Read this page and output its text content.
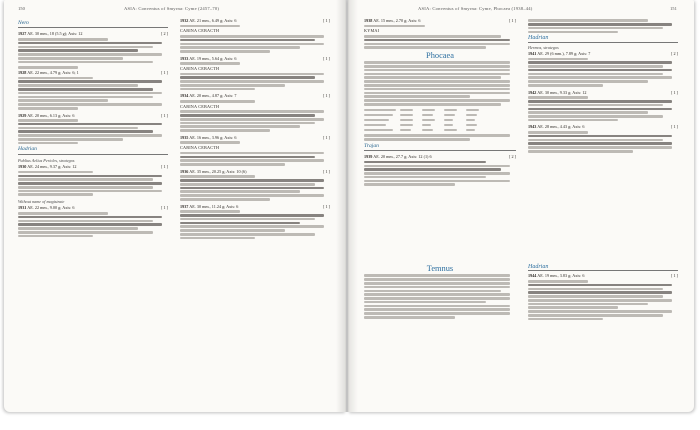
150	ASIA: Conventus of Smyrna: Cyme (2457–70)
Nero
1927 AE. 30 mm., 18 (5.5 g); Axis: 12	[ 2 ]
1928 AE. 22 mm., 4.79 g; Axis: 6; 1	[ 1 ]
1929 AE. 20 mm., 6.13 g; Axis: 6	[ 1 ]
Hadrian
Publius Aelius Pericles, strategos
1930 AE. 24 mm., 9.37 g; Axis: 12	[ 1 ]
Without name of magistrate
1931 AE. 22 mm., 9.00 g; Axis: 6	[ 1 ]
1932 AE. 21 mm., 6.49 g; Axis: 6	[ 1 ]
CABINA CEBACTH
1933 AE. 19 mm., 5.64 g; Axis: 6	[ 1 ]
CABINA CEBACTH
1934 AE. 20 mm., 4.87 g; Axis: 7	[ 1 ]
CABINA CEBACTH
1935 AE. 16 mm., 3.96 g; Axis: 6	[ 1 ]
CABINA CEBACTH
1936 AE. 35 mm., 20.25 g; Axis: 10 (6)	[ 1 ]
1937 AE. 30 mm., 11.24 g; Axis: 6	[ 1 ]
ASIA: Conventus of Smyrna: Cyme, Phocaea (1938–44)	151
1938 AE. 15 mm., 2.70 g; Axis: 6	[ 1 ]
KYMAI
Phocaea
Trajan
1939 AE. 20 mm., 27.7 g; Axis: 12 (1) 6	[ 2 ]
Hadrian
Hermos, strategos
1941 AE. 29 (6 mm.), 7.89 g; Axis: 7	[ 2 ]
1942 AE. 30 mm., 9.33 g; Axis: 12	[ 1 ]
1943 AE. 28 mm., 4.43 g; Axis: 6	[ 1 ]
Temnus	Hadrian
1944 AE. 19 mm., 3.83 g; Axis: 6	[ 1 ]
